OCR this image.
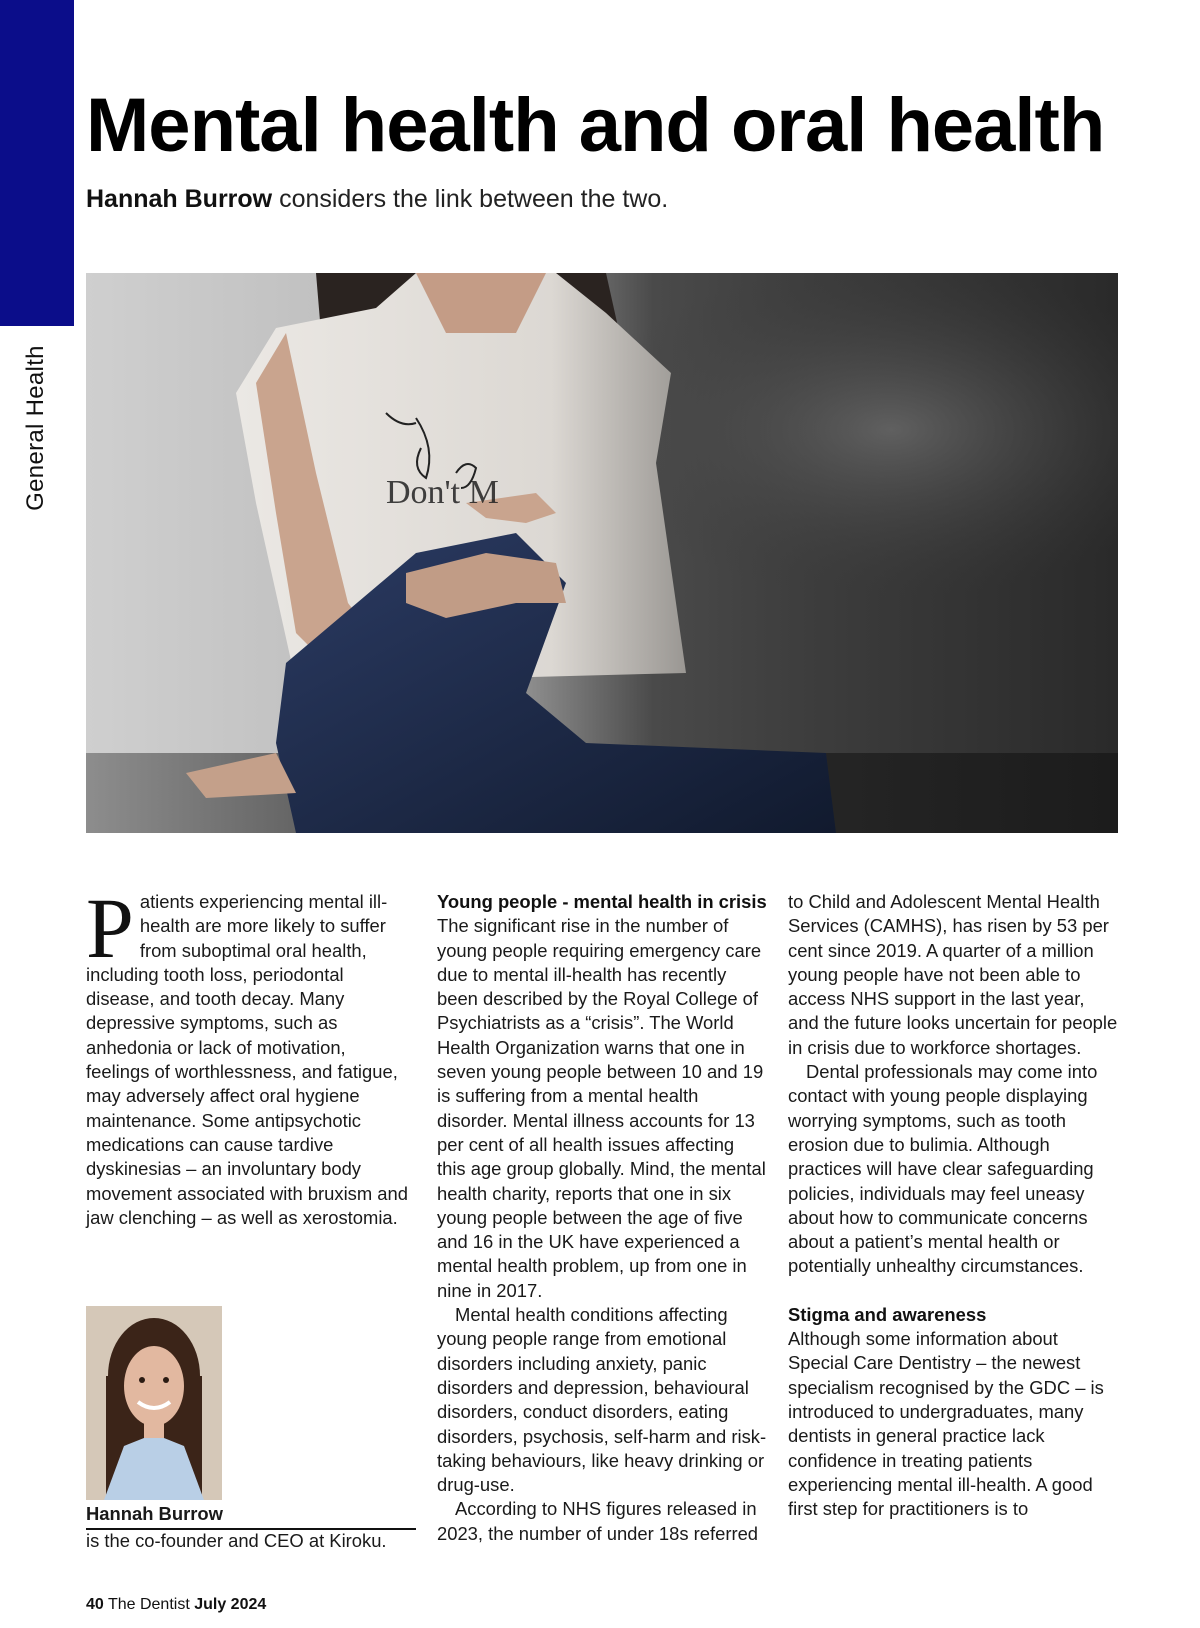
General Health
Mental health and oral health
Hannah Burrow considers the link between the two.
Don't M

Patients experiencing mental ill-health are more likely to suffer from suboptimal oral health, including tooth loss, periodontal disease, and tooth decay. Many depressive symptoms, such as anhedonia or lack of motivation, feelings of worthlessness, and fatigue, may adversely affect oral hygiene maintenance. Some antipsychotic medications can cause tardive dyskinesias – an involuntary body movement associated with bruxism and jaw clenching – as well as xerostomia.

Hannah Burrow
is the co-founder and CEO at Kiroku.

Young people - mental health in crisis

The significant rise in the number of young people requiring emergency care due to mental ill-health has recently been described by the Royal College of Psychiatrists as a “crisis”. The World Health Organization warns that one in seven young people between 10 and 19 is suffering from a mental health disorder. Mental illness accounts for 13 per cent of all health issues affecting this age group globally. Mind, the mental health charity, reports that one in six young people between the age of five and 16 in the UK have experienced a mental health problem, up from one in nine in 2017.

Mental health conditions affecting young people range from emotional disorders including anxiety, panic disorders and depression, behavioural disorders, conduct disorders, eating disorders, psychosis, self-harm and risk-taking behaviours, like heavy drinking or drug-use.

According to NHS figures released in 2023, the number of under 18s referred

to Child and Adolescent Mental Health Services (CAMHS), has risen by 53 per cent since 2019. A quarter of a million young people have not been able to access NHS support in the last year, and the future looks uncertain for people in crisis due to workforce shortages.

Dental professionals may come into contact with young people displaying worrying symptoms, such as tooth erosion due to bulimia. Although practices will have clear safeguarding policies, individuals may feel uneasy about how to communicate concerns about a patient’s mental health or potentially unhealthy circumstances.

Stigma and awareness

Although some information about Special Care Dentistry – the newest specialism recognised by the GDC – is introduced to undergraduates, many dentists in general practice lack confidence in treating patients experiencing mental ill-health. A good first step for practitioners is to

40 The Dentist July 2024
